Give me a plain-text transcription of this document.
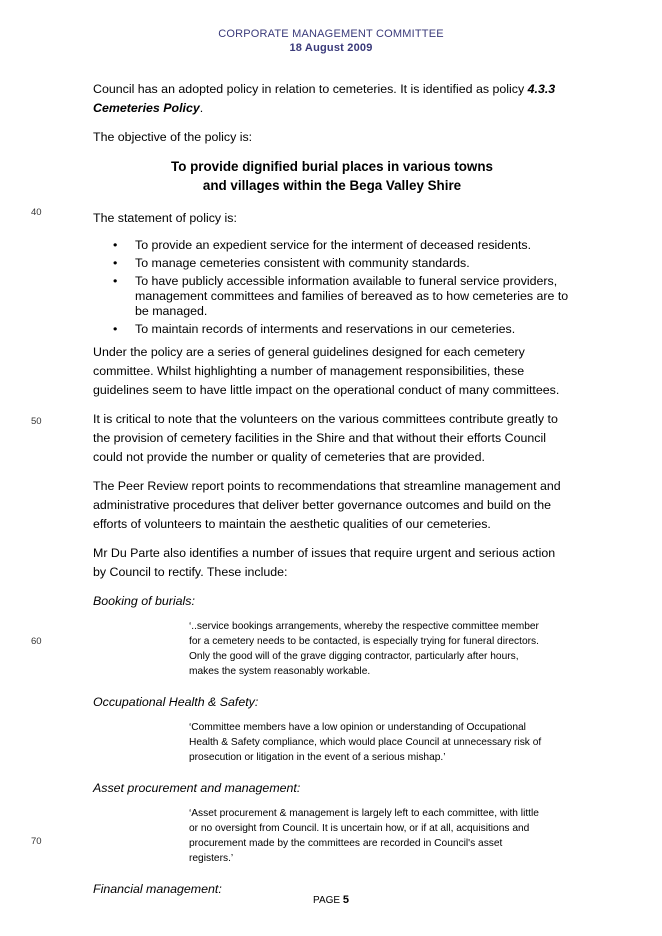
CORPORATE MANAGEMENT COMMITTEE
18 August 2009
40
50
60
70

Council has an adopted policy in relation to cemeteries. It is identified as policy 4.3.3 Cemeteries Policy.

The objective of the policy is:

To provide dignified burial places in various towns
and villages within the Bega Valley Shire

The statement of policy is:

• To provide an expedient service for the interment of deceased residents.
• To manage cemeteries consistent with community standards.
• To have publicly accessible information available to funeral service providers, management committees and families of bereaved as to how cemeteries are to be managed.
• To maintain records of interments and reservations in our cemeteries.

Under the policy are a series of general guidelines designed for each cemetery committee. Whilst highlighting a number of management responsibilities, these guidelines seem to have little impact on the operational conduct of many committees.

It is critical to note that the volunteers on the various committees contribute greatly to the provision of cemetery facilities in the Shire and that without their efforts Council could not provide the number or quality of cemeteries that are provided.

The Peer Review report points to recommendations that streamline management and administrative procedures that deliver better governance outcomes and build on the efforts of volunteers to maintain the aesthetic qualities of our cemeteries.

Mr Du Parte also identifies a number of issues that require urgent and serious action by Council to rectify. These include:

Booking of burials:

‘..service bookings arrangements, whereby the respective committee member for a cemetery needs to be contacted, is especially trying for funeral directors. Only the good will of the grave digging contractor, particularly after hours, makes the system reasonably workable.

Occupational Health & Safety:

‘Committee members have a low opinion or understanding of Occupational Health & Safety compliance, which would place Council at unnecessary risk of prosecution or litigation in the event of a serious mishap.’

Asset procurement and management:

‘Asset procurement & management is largely left to each committee, with little or no oversight from Council. It is uncertain how, or if at all, acquisitions and procurement made by the committees are recorded in Council's asset registers.’

Financial management:

PAGE 5
